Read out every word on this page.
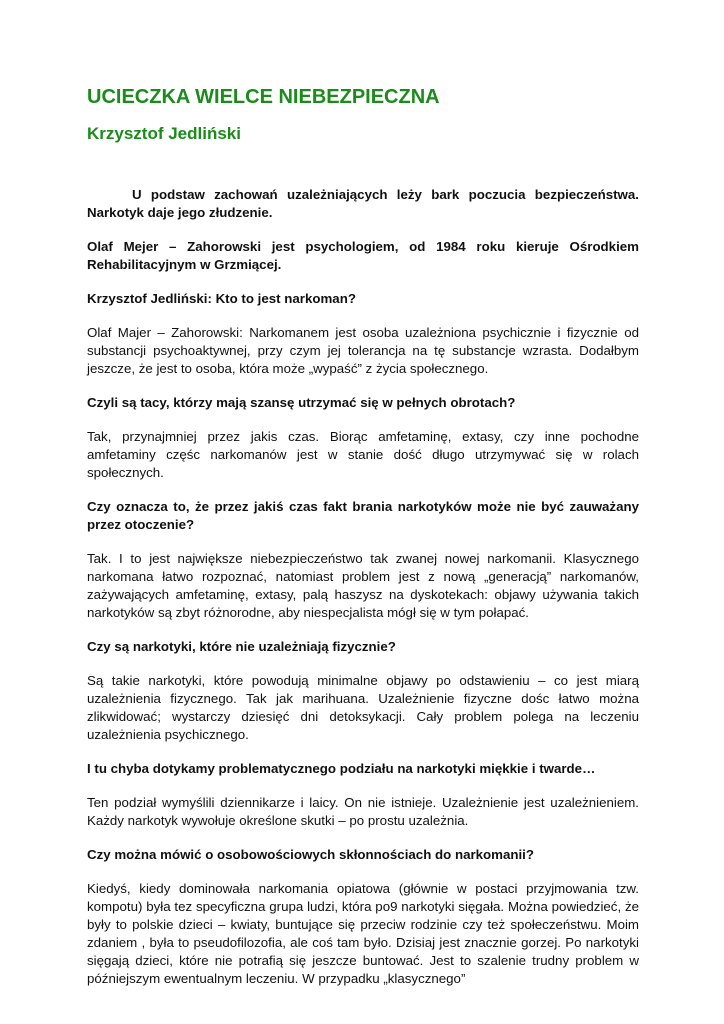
UCIECZKA WIELCE NIEBEZPIECZNA
Krzysztof Jedliński

U podstaw zachowań uzależniających leży bark poczucia bezpieczeństwa. Narkotyk daje jego złudzenie.

Olaf Mejer – Zahorowski jest psychologiem, od 1984 roku kieruje Ośrodkiem Rehabilitacyjnym w Grzmiącej.

Krzysztof Jedliński: Kto to jest narkoman?

Olaf Majer – Zahorowski: Narkomanem jest osoba uzależniona psychicznie i fizycznie od substancji psychoaktywnej, przy czym jej tolerancja na tę substancje wzrasta. Dodałbym jeszcze, że jest to osoba, która może „wypaść” z życia społecznego.

Czyli są tacy, którzy mają szansę utrzymać się w pełnych obrotach?

Tak, przynajmniej przez jakis czas. Biorąc amfetaminę, extasy, czy inne pochodne amfetaminy częśc narkomanów jest w stanie dość długo utrzymywać się w rolach społecznych.

Czy oznacza to, że przez jakiś czas fakt brania narkotyków może nie być zauważany przez otoczenie?

Tak. I to jest największe niebezpieczeństwo tak zwanej nowej narkomanii. Klasycznego narkomana łatwo rozpoznać, natomiast problem jest z nową „generacją” narkomanów, zażywających amfetaminę, extasy, palą haszysz na dyskotekach: objawy używania takich narkotyków są zbyt różnorodne, aby niespecjalista mógł się w tym połapać.

Czy są narkotyki, które nie uzależniają fizycznie?

Są takie narkotyki, które powodują minimalne objawy po odstawieniu – co jest miarą uzależnienia fizycznego. Tak jak marihuana. Uzależnienie fizyczne dośc łatwo można zlikwidować; wystarczy dziesięć dni detoksykacji. Cały problem polega na leczeniu uzależnienia psychicznego.

I tu chyba dotykamy problematycznego podziału na narkotyki miękkie i twarde…

Ten podział wymyślili dziennikarze i laicy. On nie istnieje. Uzależnienie jest uzależnieniem. Każdy narkotyk wywołuje określone skutki – po prostu uzależnia.

Czy można mówić o osobowościowych skłonnościach do narkomanii?

Kiedyś, kiedy dominowała narkomania opiatowa (głównie w postaci przyjmowania tzw. kompotu) była tez specyficzna grupa ludzi, która po9 narkotyki sięgała. Można powiedzieć, że były to polskie dzieci – kwiaty, buntujące się przeciw rodzinie czy też społeczeństwu. Moim zdaniem , była to pseudofilozofia, ale coś tam było. Dzisiaj jest znacznie gorzej. Po narkotyki sięgają dzieci, które nie potrafią się jeszcze buntować. Jest to szalenie trudny problem w późniejszym ewentualnym leczeniu. W przypadku „klasycznego”
